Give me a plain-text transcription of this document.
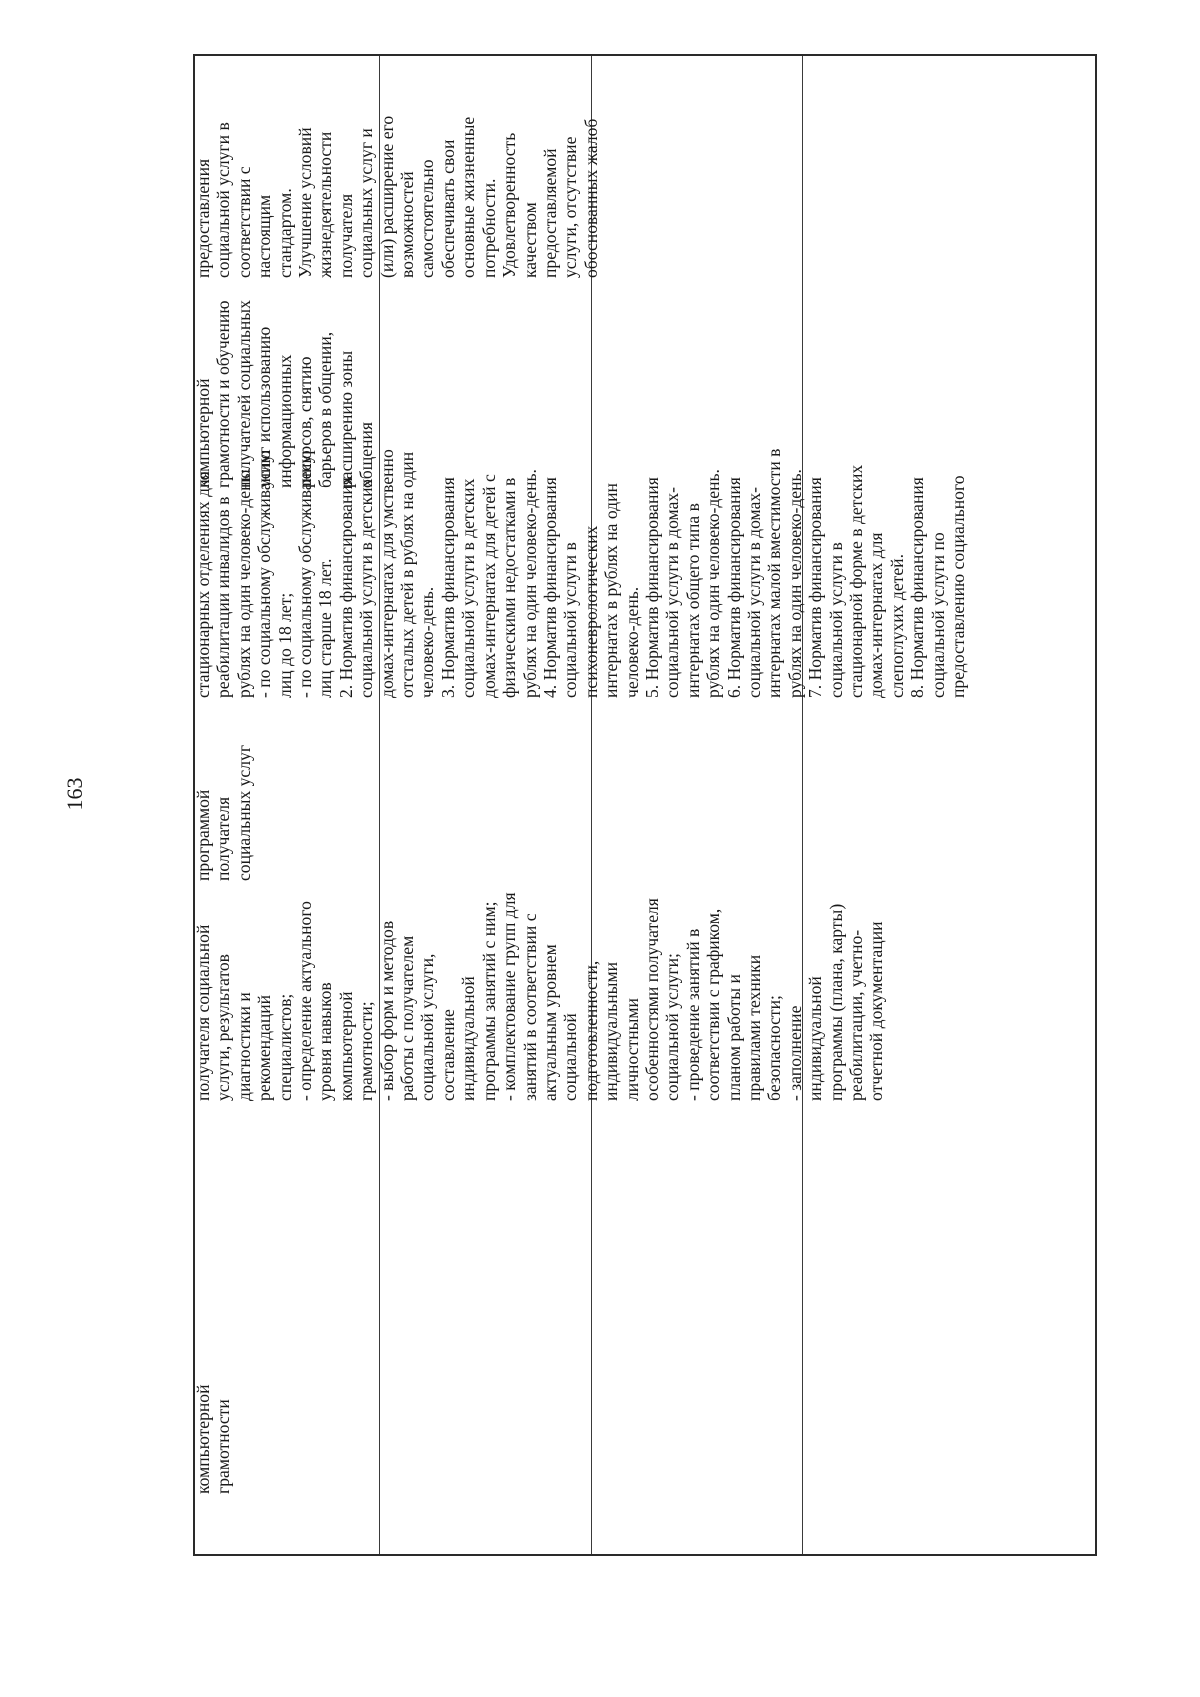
163
компьютерной грамотности
получателя социальной услуги, результатов диагностики и рекомендаций специалистов; - определение актуального уровня навыков компьютерной грамотности; - выбор форм и методов работы с получателем социальной услуги, составление индивидуальной программы занятий с ним; - комплектование групп для занятий в соответствии с актуальным уровнем социальной подготовленности, индивидуальными личностными особенностями получателя социальной услуги; - проведение занятий в соответствии с графиком, планом работы и правилами техники безопасности; - заполнение индивидуальной программы (плана, карты) реабилитации, учетно- отчетной документации
программой получателя социальных услуг
стационарных отделениях для реабилитации инвалидов в рублях на один человеко-день: - по социальному обслуживанию лиц до 18 лет; - по социальному обслуживанию лиц старше 18 лет. 2. Норматив финансирования социальной услуги в детских домах-интернатах для умственно отсталых детей в рублях на один человеко-день. 3. Норматив финансирования социальной услуги в детских домах-интернатах для детей с физическими недостатками в рублях на один человеко-день. 4. Норматив финансирования социальной услуги в психоневрологических интернатах в рублях на один человеко-день. 5. Норматив финансирования социальной услуги в домах- интернатах общего типа в рублях на один человеко-день. 6. Норматив финансирования социальной услуги в домах- интернатах малой вместимости в рублях на один человеко-день. 7. Норматив финансирования социальной услуги в стационарной форме в детских домах-интернатах для слепоглухих детей. 8. Норматив финансирования социальной услуги по предоставлению социального
компьютерной грамотности и обучению получателей социальных услуг использованию информационных ресурсов, снятию барьеров в общении, расширению зоны общения
предоставления социальной услуги в соответствии с настоящим стандартом. Улучшение условий жизнедеятельности получателя социальных услуг и (или) расширение его возможностей самостоятельно обеспечивать свои основные жизненные потребности. Удовлетворенность качеством предоставляемой услуги, отсутствие обоснованных жалоб
